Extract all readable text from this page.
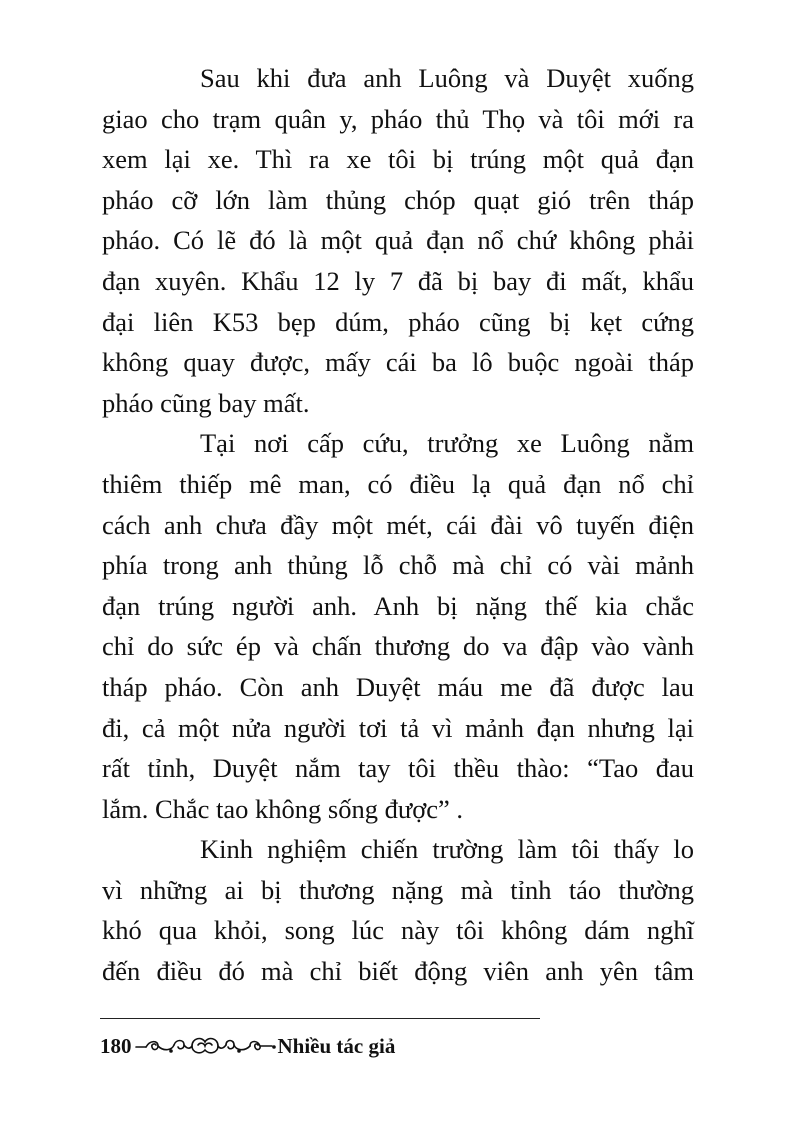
Sau khi đưa anh Luông và Duyệt xuống
giao cho trạm quân y, pháo thủ Thọ và tôi mới ra
xem lại xe. Thì ra xe tôi bị trúng một quả đạn
pháo cỡ lớn làm thủng chóp quạt gió trên tháp
pháo. Có lẽ đó là một quả đạn nổ chứ không phải
đạn xuyên. Khẩu 12 ly 7 đã bị bay đi mất, khẩu
đại liên K53 bẹp dúm, pháo cũng bị kẹt cứng
không quay được, mấy cái ba lô buộc ngoài tháp
pháo cũng bay mất.
Tại nơi cấp cứu, trưởng xe Luông nằm
thiêm thiếp mê man, có điều lạ quả đạn nổ chỉ
cách anh chưa đầy một mét, cái đài vô tuyến điện
phía trong anh thủng lỗ chỗ mà chỉ có vài mảnh
đạn trúng người anh. Anh bị nặng thế kia chắc
chỉ do sức ép và chấn thương do va đập vào vành
tháp pháo. Còn anh Duyệt máu me đã được lau
đi, cả một nửa người tơi tả vì mảnh đạn nhưng lại
rất tỉnh, Duyệt nắm tay tôi thều thào: “Tao đau
lắm. Chắc tao không sống được” .
Kinh nghiệm chiến trường làm tôi thấy lo
vì những ai bị thương nặng mà tỉnh táo thường
khó qua khỏi, song lúc này tôi không dám nghĩ
đến điều đó mà chỉ biết động viên anh yên tâm
180	Nhiều tác giả
